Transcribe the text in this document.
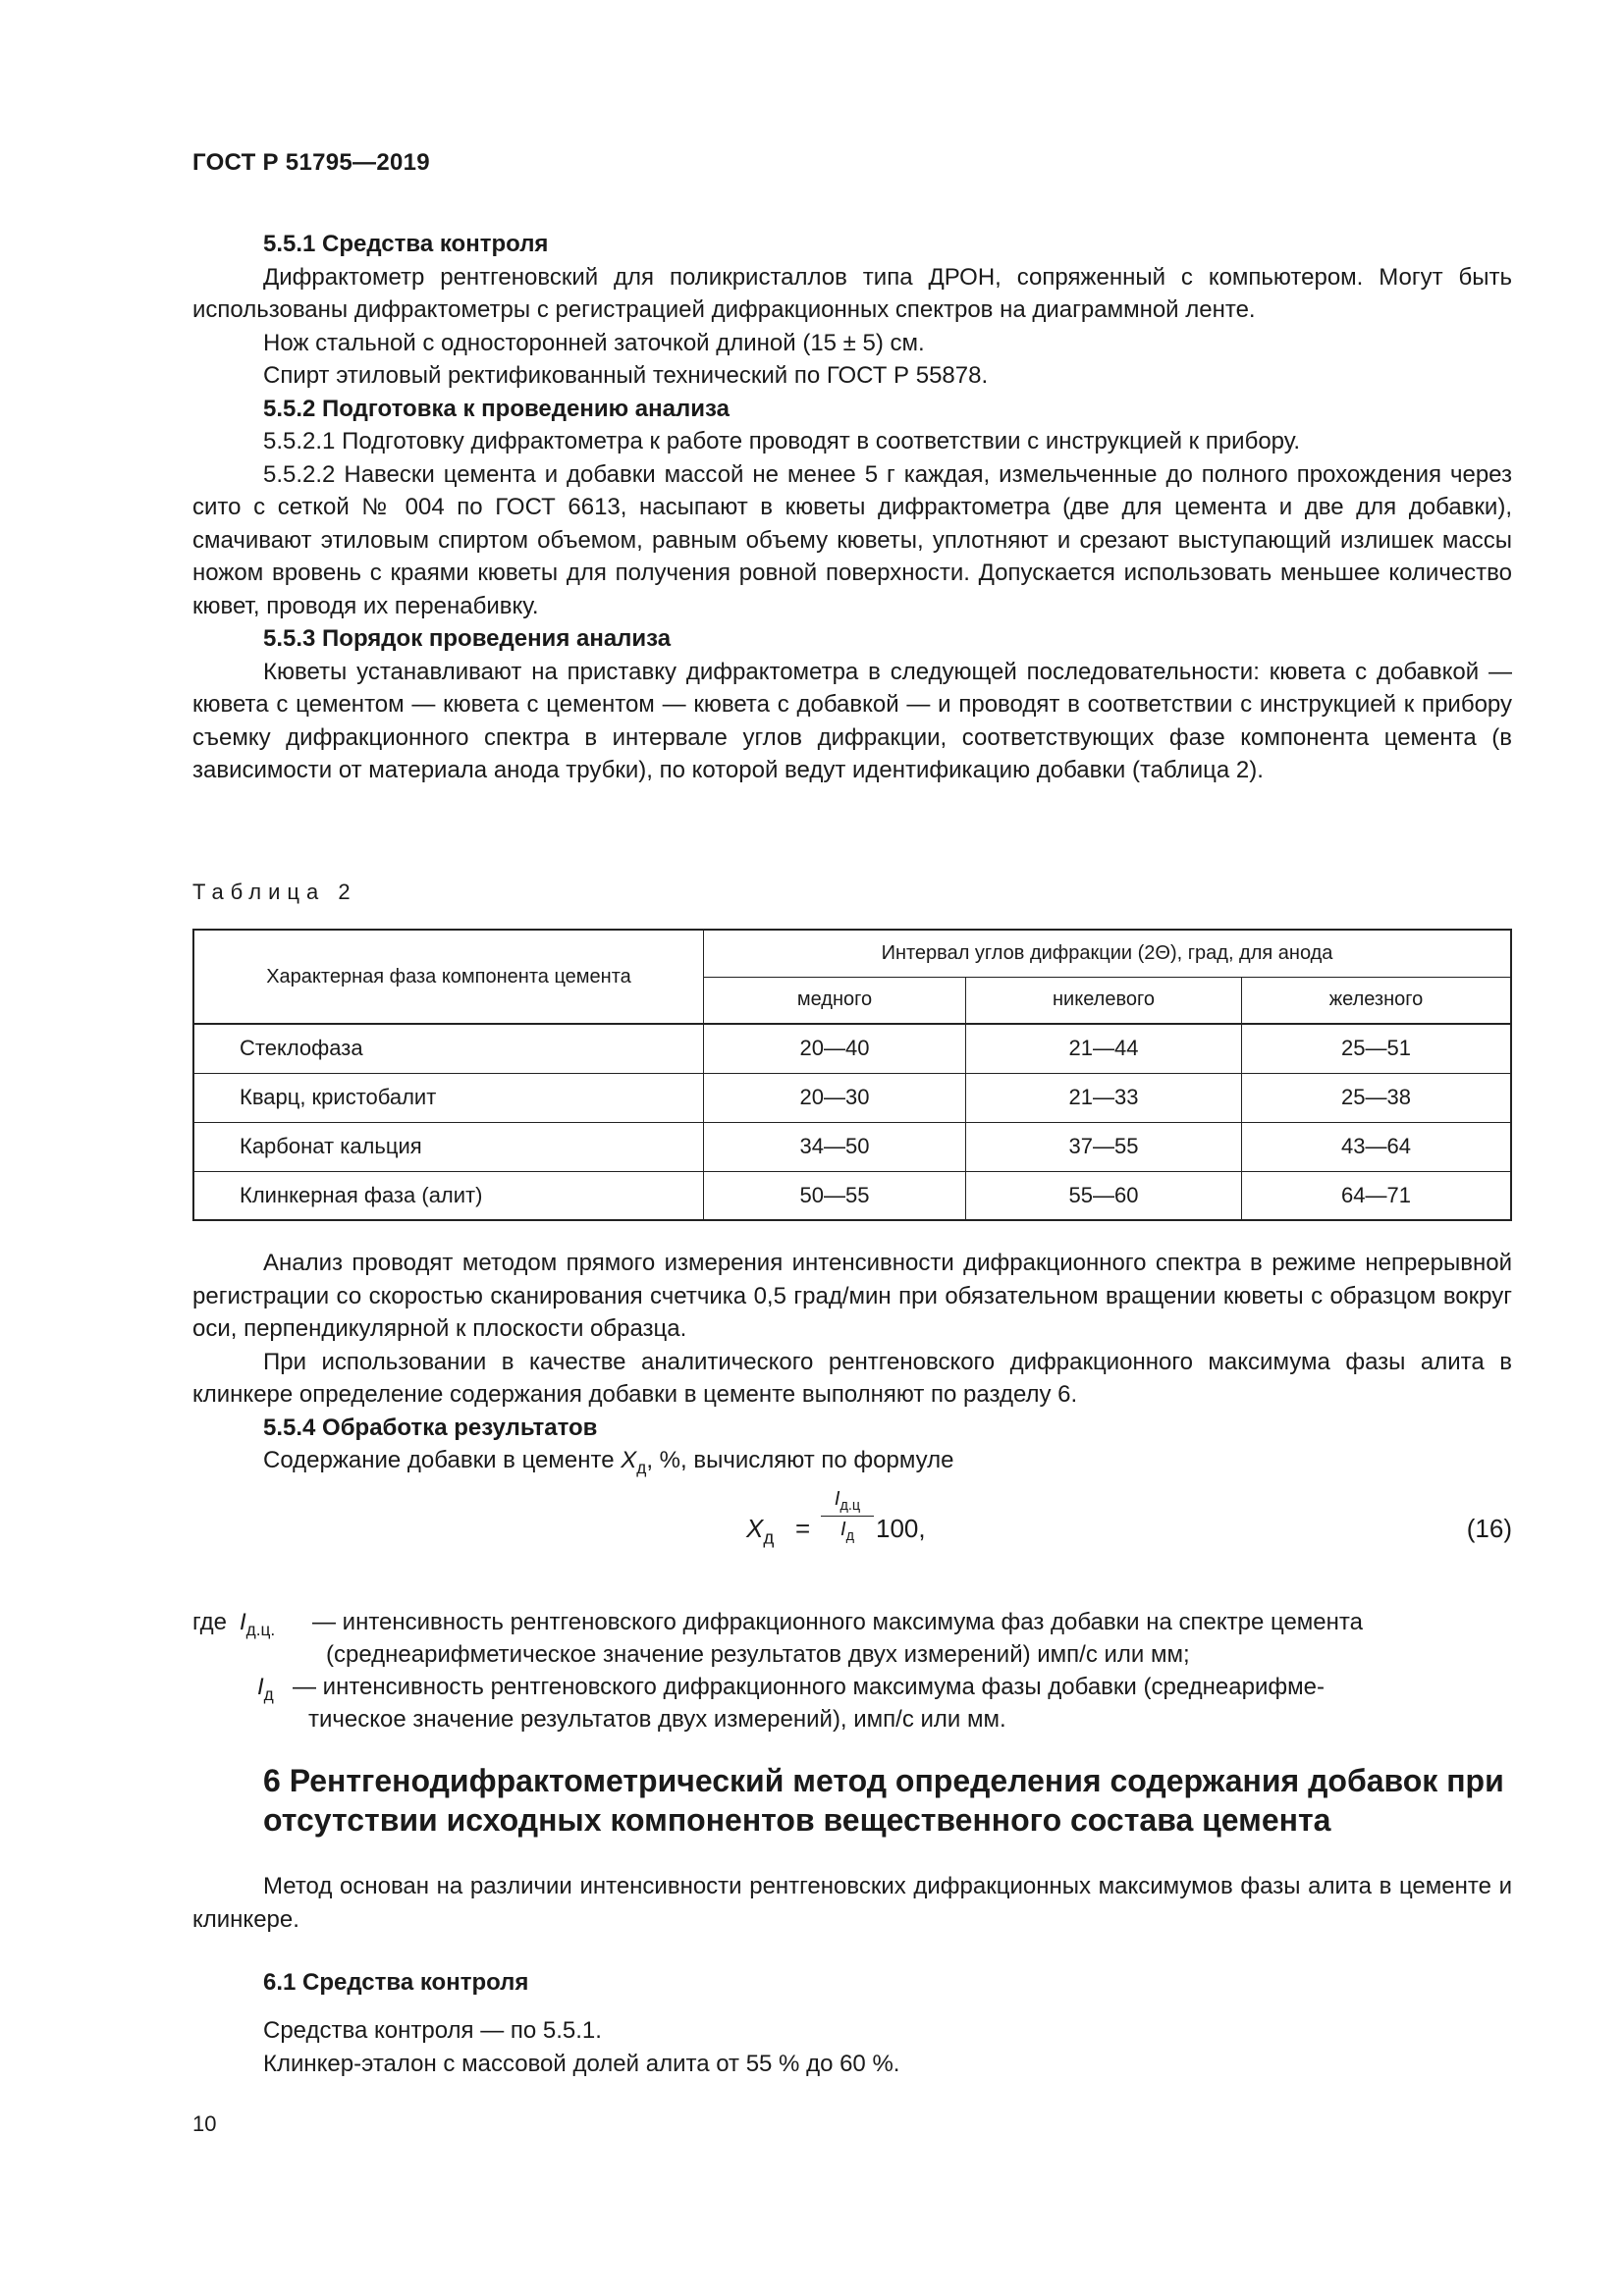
ГОСТ Р 51795—2019

5.5.1 Средства контроля

Дифрактометр рентгеновский для поликристаллов типа ДРОН, сопряженный с компьютером. Могут быть использованы дифрактометры с регистрацией дифракционных спектров на диаграммной ленте.

Нож стальной с односторонней заточкой длиной (15 ± 5) см.

Спирт этиловый ректификованный технический по ГОСТ Р 55878.

5.5.2 Подготовка к проведению анализа

5.5.2.1 Подготовку дифрактометра к работе проводят в соответствии с инструкцией к прибору.

5.5.2.2 Навески цемента и добавки массой не менее 5 г каждая, измельченные до полного прохождения через сито с сеткой № 004 по ГОСТ 6613, насыпают в кюветы дифрактометра (две для цемента и две для добавки), смачивают этиловым спиртом объемом, равным объему кюветы, уплотняют и срезают выступающий излишек массы ножом вровень с краями кюветы для получения ровной поверхности. Допускается использовать меньшее количество кювет, проводя их перенабивку.

5.5.3 Порядок проведения анализа

Кюветы устанавливают на приставку дифрактометра в следующей последовательности: кювета с добавкой — кювета с цементом — кювета с цементом — кювета с добавкой — и проводят в соответствии с инструкцией к прибору съемку дифракционного спектра в интервале углов дифракции, соответствующих фазе компонента цемента (в зависимости от материала анода трубки), по которой ведут идентификацию добавки (таблица 2).

Таблица 2
Характерная фаза компонента цемента	Интервал углов дифракции (2Θ), град, для анода		
	медного	никелевого	железного
Стеклофаза	20—40	21—44	25—51
Кварц, кристобалит	20—30	21—33	25—38
Карбонат кальция	34—50	37—55	43—64
Клинкерная фаза (алит)	50—55	55—60	64—71

Анализ проводят методом прямого измерения интенсивности дифракционного спектра в режиме непрерывной регистрации со скоростью сканирования счетчика 0,5 град/мин при обязательном вращении кюветы с образцом вокруг оси, перпендикулярной к плоскости образца.

При использовании в качестве аналитического рентгеновского дифракционного максимума фазы алита в клинкере определение содержания добавки в цементе выполняют по разделу 6.

5.5.4 Обработка результатов

Содержание добавки в цементе $X_д$, %, вычисляют по формуле

$X_д$ =
$I_{д.ц}$
$I_д$ 100,	(16)
где $I_{д.ц.}$ — интенсивность рентгеновского дифракционного максимума фаз добавки на спектре цемента
(среднеарифметическое значение результатов двух измерений) имп/с или мм;
$I_д$ — интенсивность рентгеновского дифракционного максимума фазы добавки (среднеарифме-
тическое значение результатов двух измерений), имп/с или мм.
6 Рентгенодифрактометрический метод определения содержания добавок при отсутствии исходных компонентов вещественного состава цемента

Метод основан на различии интенсивности рентгеновских дифракционных максимумов фазы алита в цементе и клинкере.

6.1 Средства контроля

Средства контроля — по 5.5.1.

Клинкер-эталон с массовой долей алита от 55 % до 60 %.

10
